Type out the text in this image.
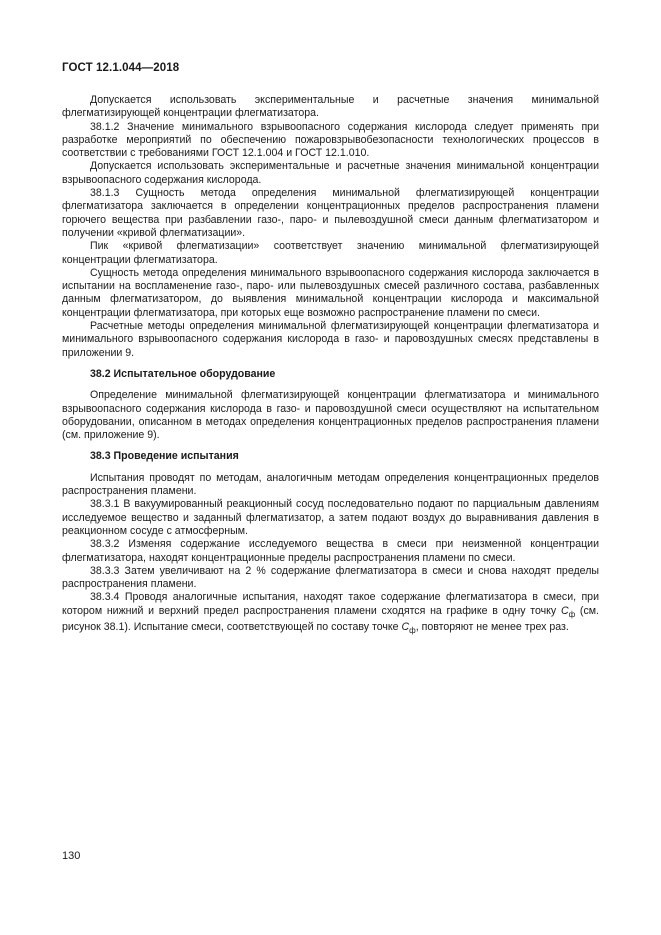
ГОСТ 12.1.044—2018

Допускается использовать экспериментальные и расчетные значения минимальной флегматизирующей концентрации флегматизатора.

38.1.2 Значение минимального взрывоопасного содержания кислорода следует применять при разработке мероприятий по обеспечению пожаровзрывобезопасности технологических процессов в соответствии с требованиями ГОСТ 12.1.004 и ГОСТ 12.1.010.

Допускается использовать экспериментальные и расчетные значения минимальной концентрации взрывоопасного содержания кислорода.

38.1.3 Сущность метода определения минимальной флегматизирующей концентрации флегматизатора заключается в определении концентрационных пределов распространения пламени горючего вещества при разбавлении газо-, паро- и пылевоздушной смеси данным флегматизатором и получении «кривой флегматизации».

Пик «кривой флегматизации» соответствует значению минимальной флегматизирующей концентрации флегматизатора.

Сущность метода определения минимального взрывоопасного содержания кислорода заключается в испытании на воспламенение газо-, паро- или пылевоздушных смесей различного состава, разбавленных данным флегматизатором, до выявления минимальной концентрации кислорода и максимальной концентрации флегматизатора, при которых еще возможно распространение пламени по смеси.

Расчетные методы определения минимальной флегматизирующей концентрации флегматизатора и минимального взрывоопасного содержания кислорода в газо- и паровоздушных смесях представлены в приложении 9.

38.2 Испытательное оборудование

Определение минимальной флегматизирующей концентрации флегматизатора и минимального взрывоопасного содержания кислорода в газо- и паровоздушной смеси осуществляют на испытательном оборудовании, описанном в методах определения концентрационных пределов распространения пламени (см. приложение 9).

38.3 Проведение испытания

Испытания проводят по методам, аналогичным методам определения концентрационных пределов распространения пламени.

38.3.1 В вакуумированный реакционный сосуд последовательно подают по парциальным давлениям исследуемое вещество и заданный флегматизатор, а затем подают воздух до выравнивания давления в реакционном сосуде с атмосферным.

38.3.2 Изменяя содержание исследуемого вещества в смеси при неизменной концентрации флегматизатора, находят концентрационные пределы распространения пламени по смеси.

38.3.3 Затем увеличивают на 2 % содержание флегматизатора в смеси и снова находят пределы распространения пламени.

38.3.4 Проводя аналогичные испытания, находят такое содержание флегматизатора в смеси, при котором нижний и верхний предел распространения пламени сходятся на графике в одну точку $С_ф$ (см. рисунок 38.1). Испытание смеси, соответствующей по составу точке $С_ф$, повторяют не менее трех раз.

130
